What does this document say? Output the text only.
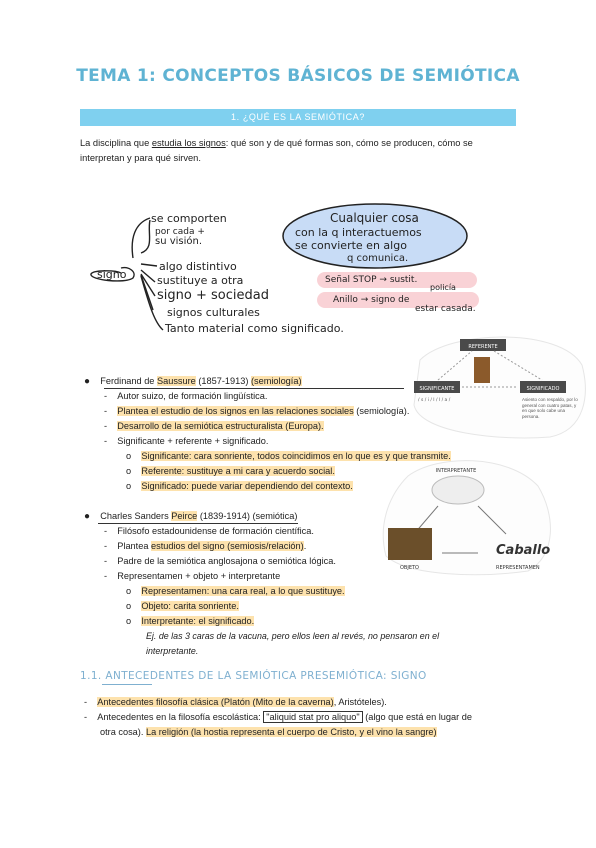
TEMA 1: CONCEPTOS BÁSICOS DE SEMIÓTICA
1. ¿QUÉ ES LA SEMIÓTICA?
La disciplina que estudia los signos: qué son y de qué formas son, cómo se producen, cómo se
interpretan y para qué sirven.
signo
se comporten
por cada +
su visión.
algo distintivo
sustituye a otra
signo + sociedad
signos culturales
Tanto material como significado.
Cualquier cosa
con la q interactuemos
se convierte en algo
q comunica.
Señal STOP → sustit.
policía
Anillo → signo de
estar casada.
REFERENTE
SIGNIFICANTE	SIGNIFICADO
/ s / i / l / l / a /	Asiento con respaldo, por lo general con cuatro patas, y en que solo cabe una persona.
INTERPRETANTE
OBJETO
Caballo
REPRESENTAMEN
● Ferdinand de Saussure (1857-1913) (semiología)
-    Autor suizo, de formación lingüística.
-    Plantea el estudio de los signos en las relaciones sociales (semiología).
-    Desarrollo de la semiótica estructuralista (Europa).
-    Significante + referente + significado.
o    Significante: cara sonriente, todos coincidimos en lo que es y que transmite.
o    Referente: sustituye a mi cara y acuerdo social.
o    Significado: puede variar dependiendo del contexto.
● Charles Sanders Peirce (1839-1914) (semiótica)
-    Filósofo estadounidense de formación científica.
-    Plantea estudios del signo (semiosis/relación).
-    Padre de la semiótica anglosajona o semiótica lógica.
-    Representamen + objeto + interpretante
o    Representamen: una cara real, a lo que sustituye.
o    Objeto: carita sonriente.
o    Interpretante: el significado.
Ej. de las 3 caras de la vacuna, pero ellos leen al revés, no pensaron en el
interpretante.
1.1. ANTECEDENTES DE LA SEMIÓTICA PRESEMIÓTICA: SIGNO
-    Antecedentes filosofía clásica (Platón (Mito de la caverna), Aristóteles).
-    Antecedentes en la filosofía escolástica: "aliquid stat pro aliquo" (algo que está en lugar de
otra cosa). La religión (la hostia representa el cuerpo de Cristo, y el vino la sangre)
